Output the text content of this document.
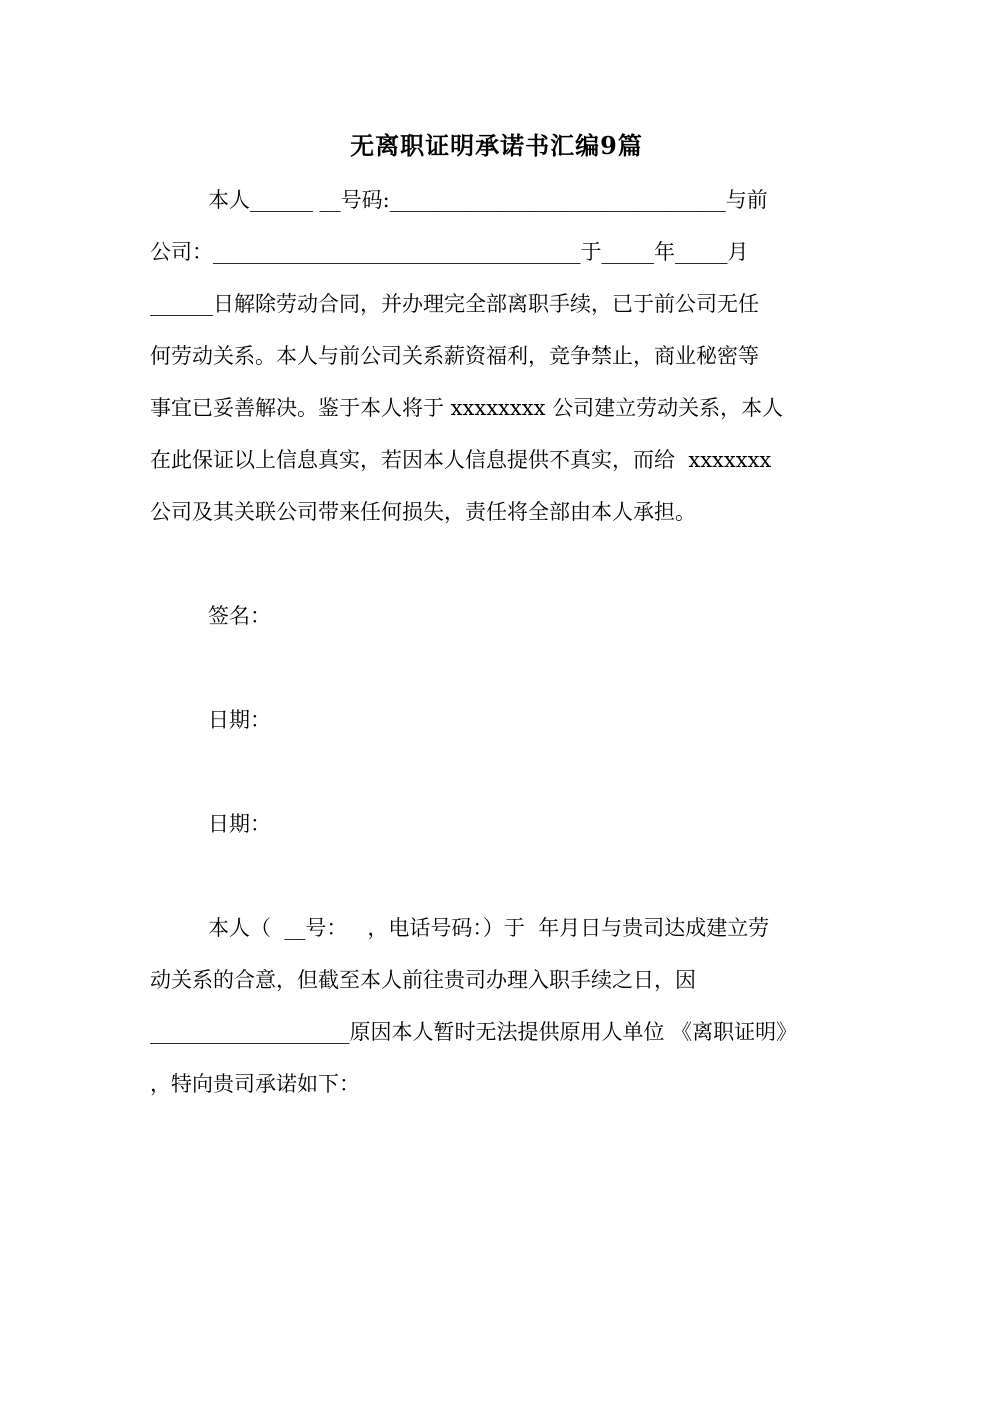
无离职证明承诺书汇编9篇
本人______ __号码:________________________________与前
公司：___________________________________于_____年_____月
______日解除劳动合同，并办理完全部离职手续，已于前公司无任
何劳动关系。本人与前公司关系薪资福利，竞争禁止，商业秘密等
事宜已妥善解决。鉴于本人将于 xxxxxxxx 公司建立劳动关系，本人
在此保证以上信息真实，若因本人信息提供不真实，而给  xxxxxxx
公司及其关联公司带来任何损失，责任将全部由本人承担。
签名：
日期：
日期：
本人（  __号：   ，电话号码：）于  年月日与贵司达成建立劳
动关系的合意，但截至本人前往贵司办理入职手续之日，因
___________________原因本人暂时无法提供原用人单位 《离职证明》
，特向贵司承诺如下：
